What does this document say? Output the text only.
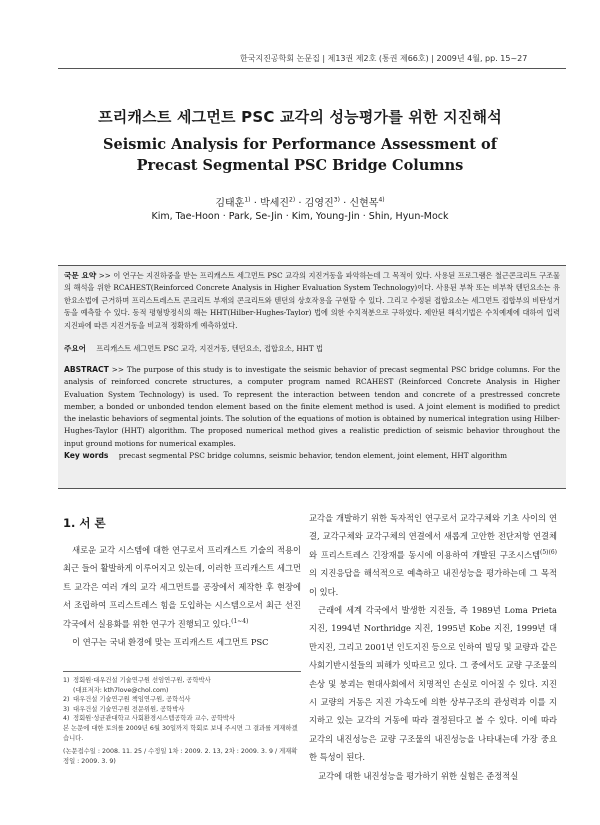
한국지진공학회 논문집 | 제13권 제2호 (통권 제66호) | 2009년 4월, pp. 15~27
프리캐스트 세그먼트 PSC 교각의 성능평가를 위한 지진해석
Seismic Analysis for Performance Assessment of
Precast Segmental PSC Bridge Columns
김태훈$^{1)}$ · 박세진$^{2)}$ · 김영진$^{3)}$ · 신현목$^{4)}$
Kim, Tae-Hoon · Park, Se-Jin · Kim, Young-Jin · Shin, Hyun-Mock
국문 요약 >> 이 연구는 지진하중을 받는 프리캐스트 세그먼트 PSC 교각의 지진거동을 파악하는데 그 목적이 있다. 사용된 프로그램은 철근콘크리트 구조물의 해석을 위한 RCAHEST(Reinforced Concrete Analysis in Higher Evaluation System Technology)이다. 사용된 부착 또는 비부착 텐던요소는 유한요소법에 근거하며 프리스트레스트 콘크리트 부재의 콘크리트와 텐던의 상호작용을 구현할 수 있다. 그리고 수정된 접합요소는 세그먼트 접합부의 비탄성거동을 예측할 수 있다. 동적 평형방정식의 해는 HHT(Hilber-Hughes-Taylor) 법에 의한 수치적분으로 구하였다. 제안된 해석기법은 수치예제에 대하여 입력지진파에 따른 지진거동을 비교적 정확하게 예측하였다.
주요어 프리캐스트 세그먼트 PSC 교각, 지진거동, 텐던요소, 접합요소, HHT 법
ABSTRACT >> The purpose of this study is to investigate the seismic behavior of precast segmental PSC bridge columns. For the analysis of reinforced concrete structures, a computer program named RCAHEST (Reinforced Concrete Analysis in Higher Evaluation System Technology) is used. To represent the interaction between tendon and concrete of a prestressed concrete member, a bonded or unbonded tendon element based on the finite element method is used. A joint element is modified to predict the inelastic behaviors of segmental joints. The solution of the equations of motion is obtained by numerical integration using Hilber-Hughes-Taylor (HHT) algorithm. The proposed numerical method gives a realistic prediction of seismic behavior throughout the input ground motions for numerical examples.
Key words precast segmental PSC bridge columns, seismic behavior, tendon element, joint element, HHT algorithm
1. 서 론

새로운 교각 시스템에 대한 연구로서 프리캐스트 기술의 적용이 최근 들어 활발하게 이루어지고 있는데, 이러한 프리캐스트 세그먼트 교각은 여러 개의 교각 세그먼트를 공장에서 제작한 후 현장에서 조립하여 프리스트레스 힘을 도입하는 시스템으로서 최근 선진 각국에서 실용화를 위한 연구가 진행되고 있다.$^{(1\sim 4)}$

이 연구는 국내 환경에 맞는 프리캐스트 세그먼트 PSC

교각을 개발하기 위한 독자적인 연구로서 교각구체와 기초 사이의 연결, 교각구체와 교각구체의 연결에서 새롭게 고안한 전단저항 연결체와 프리스트레스 긴장재를 동시에 이용하여 개발된 구조시스템$^{(5)(6)}$의 지진응답을 해석적으로 예측하고 내진성능을 평가하는데 그 목적이 있다.

근래에 세계 각국에서 발생한 지진들, 즉 1989년 Loma Prieta 지진, 1994년 Northridge 지진, 1995년 Kobe 지진, 1999년 대만지진, 그리고 2001년 인도지진 등으로 인하여 빌딩 및 교량과 같은 사회기반시설들의 피해가 잇따르고 있다. 그 중에서도 교량 구조물의 손상 및 붕괴는 현대사회에서 치명적인 손실로 이어질 수 있다. 지진시 교량의 거동은 지진 가속도에 의한 상부구조의 관성력과 이를 지지하고 있는 교각의 거동에 따라 결정된다고 볼 수 있다. 이에 따라 교각의 내진성능은 교량 구조물의 내진성능을 나타내는데 가장 중요한 특성이 된다.

교각에 대한 내진성능을 평가하기 위한 실험은 준정적실

1) 정회원·대우건설 기술연구원 선임연구원, 공학박사
(대표저자: kth7love@chol.com)
2) 대우건설 기술연구원 책임연구원, 공학석사
3) 대우건설 기술연구원 전문위원, 공학박사
4) 정회원·성균관대학교 사회환경시스템공학과 교수, 공학박사
본 논문에 대한 토의를 2009년 6월 30일까지 학회로 보내 주시면 그 결과를 게재하겠습니다.
(논문접수일 : 2008. 11. 25 / 수정일 1차 : 2009. 2. 13, 2차 : 2009. 3. 9 / 게재확정일 : 2009. 3. 9)
